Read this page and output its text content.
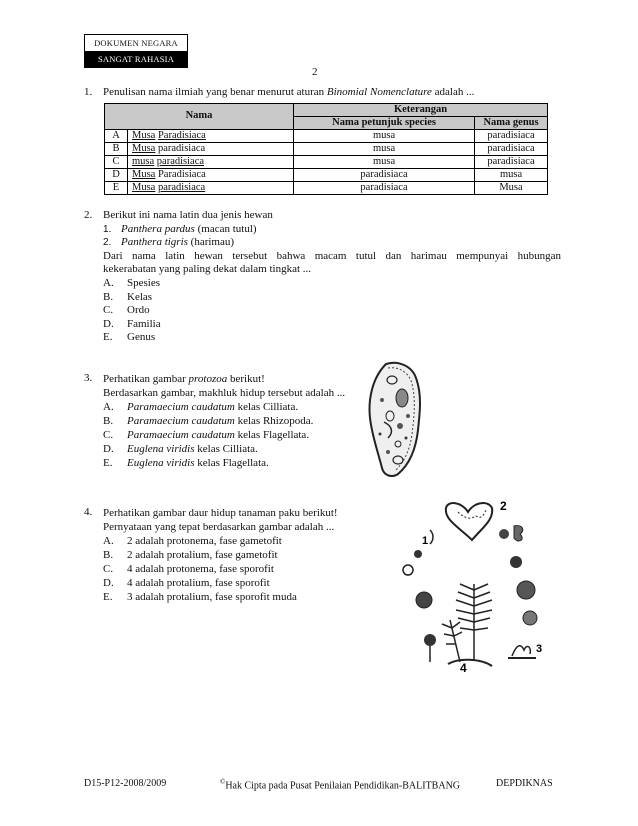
DOKUMEN NEGARA
SANGAT RAHASIA
2
1. Penulisan nama ilmiah yang benar menurut aturan Binomial Nomenclature adalah ...
Nama		Keterangan	
		Nama petunjuk species	Nama genus
A	Musa Paradisiaca	musa	paradisiaca
B	Musa paradisiaca	musa	paradisiaca
C	musa paradisiaca	musa	paradisiaca
D	Musa Paradisiaca	paradisiaca	musa
E	Musa paradisiaca	paradisiaca	Musa
2. Berikut ini nama latin dua jenis hewan
1. Panthera pardus (macan tutul)
2. Panthera tigris (harimau)
Dari nama latin hewan tersebut bahwa macam tutul dan harimau mempunyai hubungan
kekerabatan yang paling dekat dalam tingkat ...
A. Spesies
B. Kelas
C. Ordo
D. Familia
E. Genus
3. Perhatikan gambar protozoa berikut!
Berdasarkan gambar, makhluk hidup tersebut adalah ...
A. Paramaecium caudatum kelas Cilliata.
B. Paramaecium caudatum kelas Rhizopoda.
C. Paramaecium caudatum kelas Flagellata.
D. Euglena viridis kelas Cilliata.
E. Euglena viridis kelas Flagellata.
4. Perhatikan gambar daur hidup tanaman paku berikut!
Pernyataan yang tepat berdasarkan gambar adalah ...
A. 2 adalah protonema, fase gametofit
B. 2 adalah protalium, fase gametofit
C. 4 adalah protonema, fase sporofit
D. 4 adalah protalium, fase sporofit
E. 3 adalah protalium, fase sporofit muda
2
1
4
3
D15-P12-2008/2009	©Hak Cipta pada Pusat Penilaian Pendidikan-BALITBANG	DEPDIKNAS
